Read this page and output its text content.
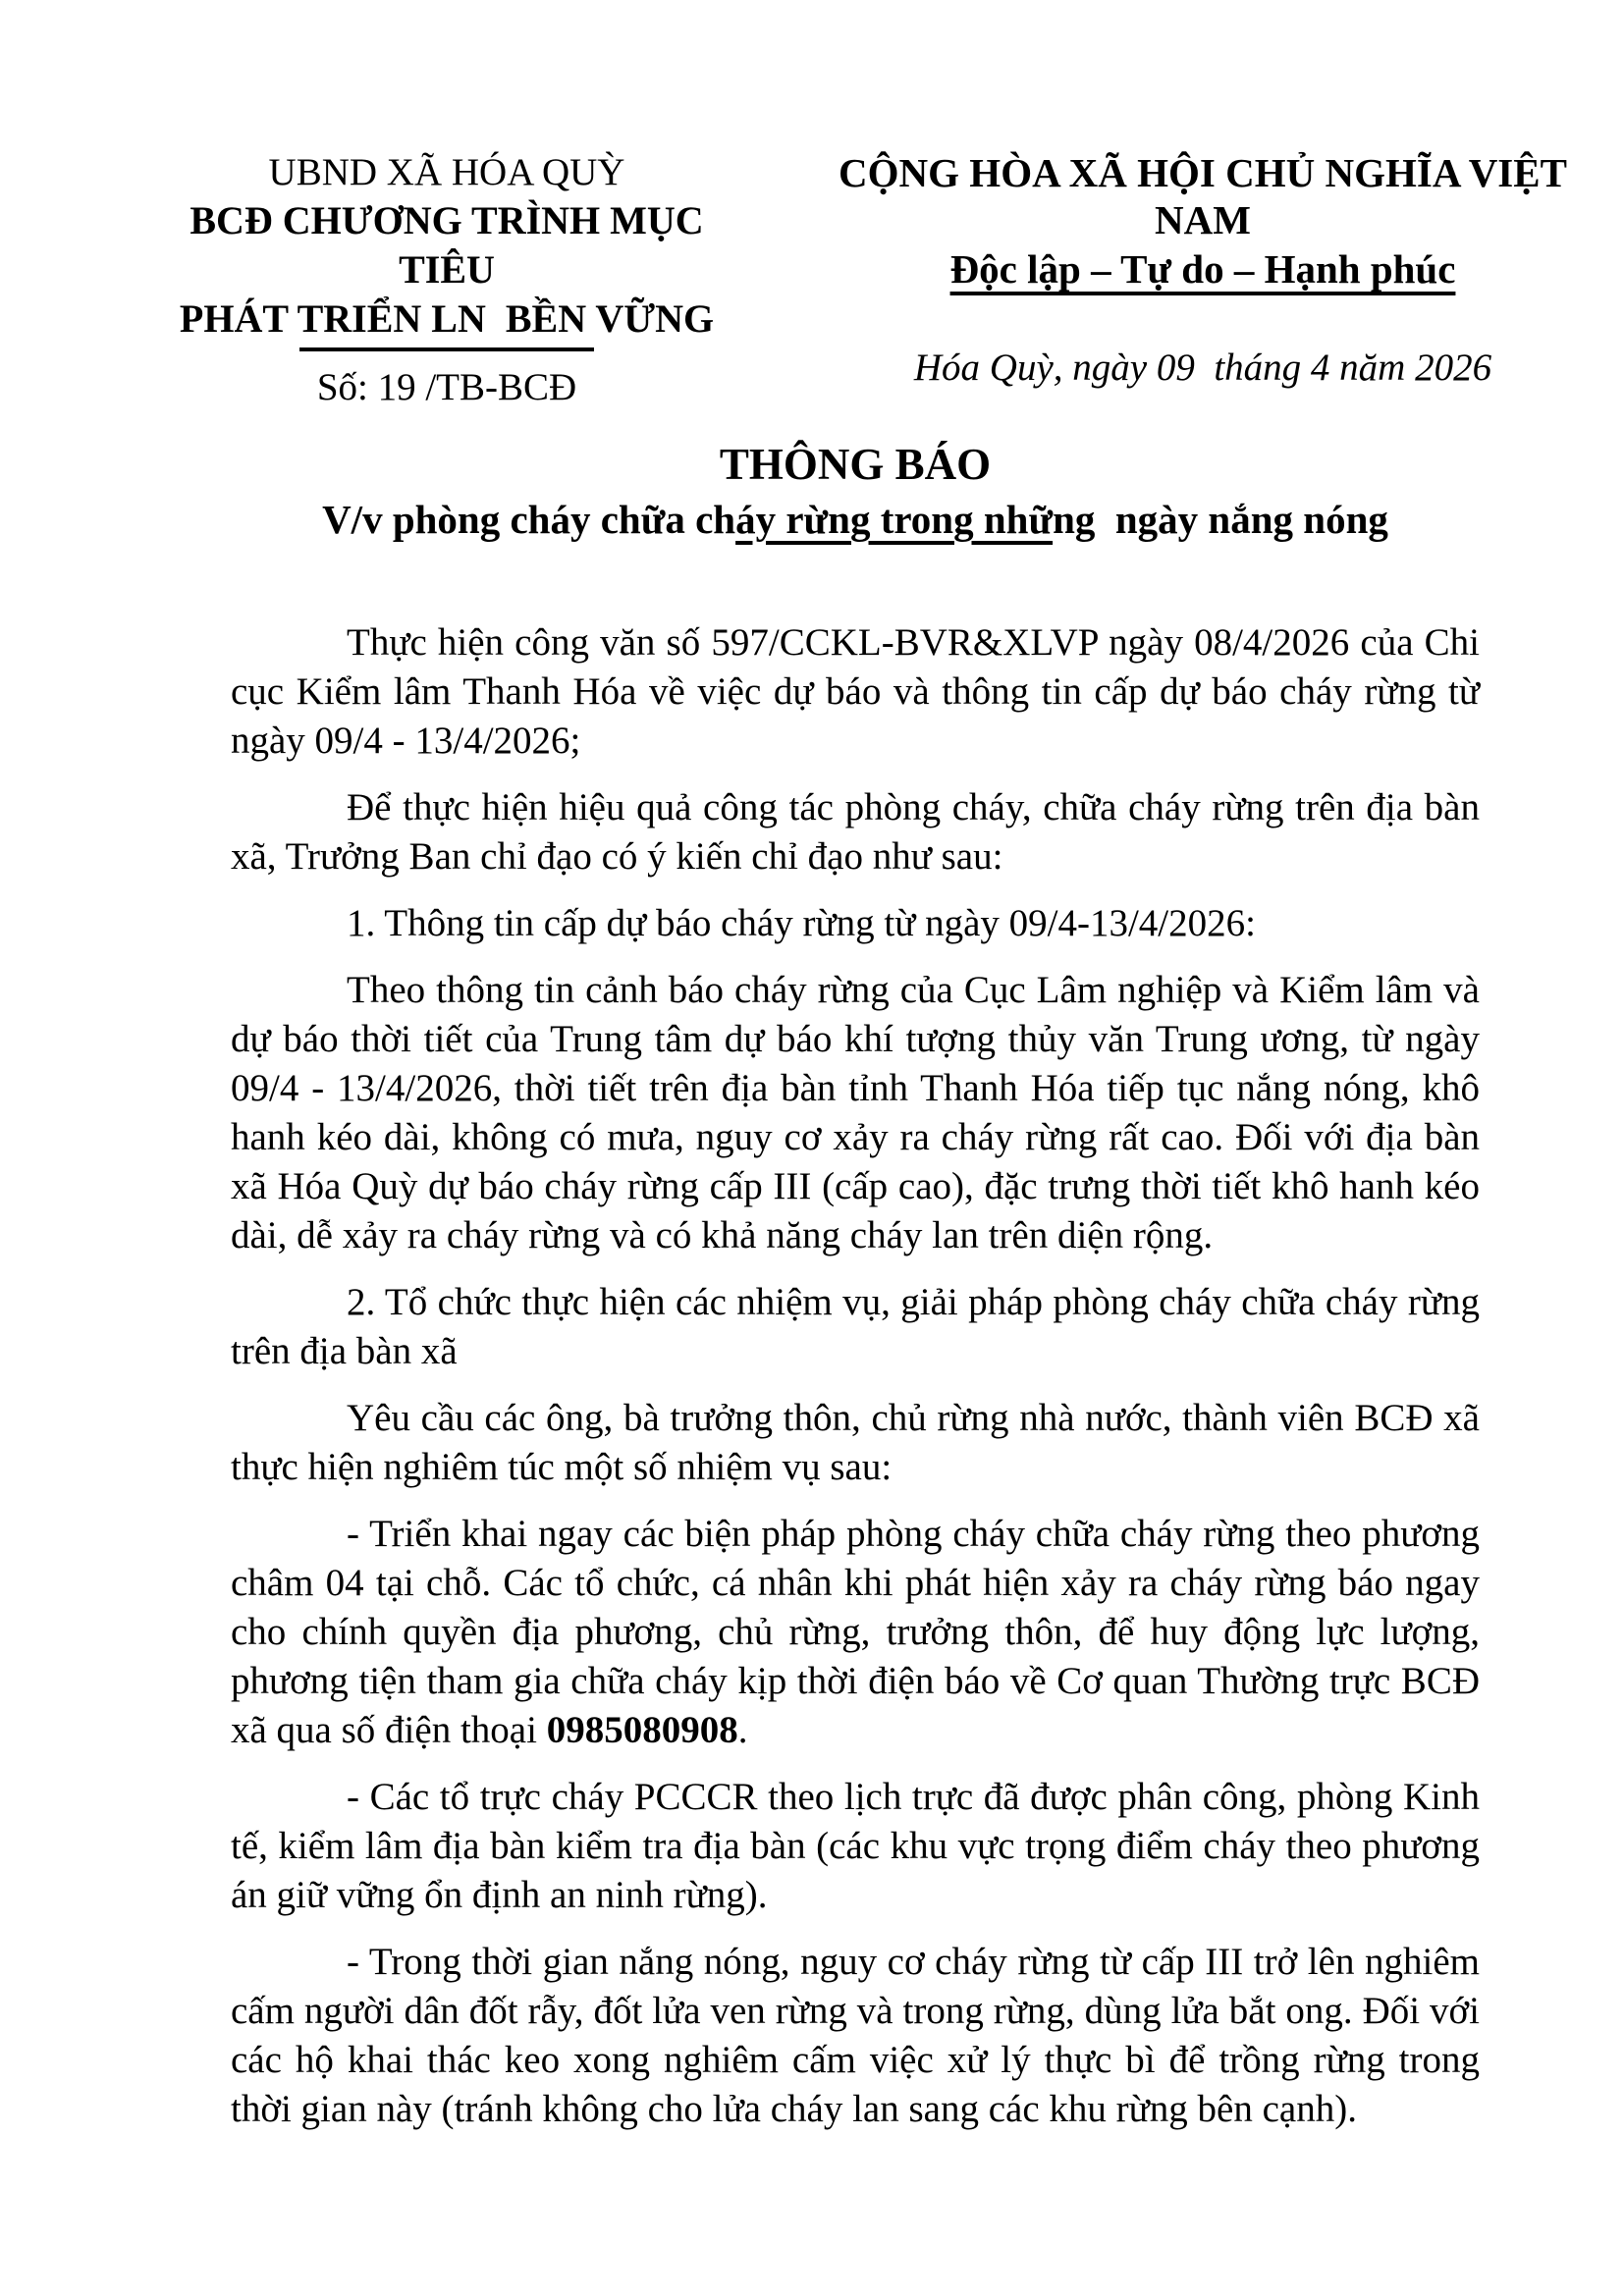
UBND XÃ HÓA QUỲ
BCĐ CHƯƠNG TRÌNH MỤC TIÊU
PHÁT TRIỂN LN  BỀN VỮNG
Số: 19 /TB-BCĐ
CỘNG HÒA XÃ HỘI CHỦ NGHĨA VIỆT NAM
Độc lập – Tự do – Hạnh phúc
Hóa Quỳ, ngày 09  tháng 4 năm 2026
THÔNG BÁO
V/v phòng cháy chữa cháy rừng trong những  ngày nắng nóng

Thực hiện công văn số 597/CCKL-BVR&XLVP ngày 08/4/2026 của Chi cục Kiểm lâm Thanh Hóa về việc dự báo và thông tin cấp dự báo cháy rừng từ ngày 09/4 - 13/4/2026;

Để thực hiện hiệu quả công tác phòng cháy, chữa cháy rừng trên địa bàn xã, Trưởng Ban chỉ đạo có ý kiến chỉ đạo như sau:

1. Thông tin cấp dự báo cháy rừng từ ngày 09/4-13/4/2026:

Theo thông tin cảnh báo cháy rừng của Cục Lâm nghiệp và Kiểm lâm và dự báo thời tiết của Trung tâm dự báo khí tượng thủy văn Trung ương, từ ngày 09/4 - 13/4/2026, thời tiết trên địa bàn tỉnh Thanh Hóa tiếp tục nắng nóng, khô hanh kéo dài, không có mưa, nguy cơ xảy ra cháy rừng rất cao. Đối với địa bàn xã Hóa Quỳ dự báo cháy rừng cấp III (cấp cao), đặc trưng thời tiết khô hanh kéo dài, dễ xảy ra cháy rừng và có khả năng cháy lan trên diện rộng.

2. Tổ chức thực hiện các nhiệm vụ, giải pháp phòng cháy chữa cháy rừng trên địa bàn xã

Yêu cầu các ông, bà trưởng thôn, chủ rừng nhà nước, thành viên BCĐ xã thực hiện nghiêm túc một số nhiệm vụ sau:

- Triển khai ngay các biện pháp phòng cháy chữa cháy rừng theo phương châm 04 tại chỗ. Các tổ chức, cá nhân khi phát hiện xảy ra cháy rừng báo ngay cho chính quyền địa phương, chủ rừng, trưởng thôn, để huy động lực lượng, phương tiện tham gia chữa cháy kịp thời điện báo về Cơ quan Thường trực BCĐ xã qua số điện thoại 0985080908.

- Các tổ trực cháy PCCCR theo lịch trực đã được phân công, phòng Kinh tế, kiểm lâm địa bàn kiểm tra địa bàn (các khu vực trọng điểm cháy theo phương án giữ vững ổn định an ninh rừng).

- Trong thời gian nắng nóng, nguy cơ cháy rừng từ cấp III trở lên nghiêm cấm người dân đốt rẫy, đốt lửa ven rừng và trong rừng, dùng lửa bắt ong. Đối với các hộ khai thác keo xong nghiêm cấm việc xử lý thực bì để trồng rừng trong thời gian này (tránh không cho lửa cháy lan sang các khu rừng bên cạnh).
